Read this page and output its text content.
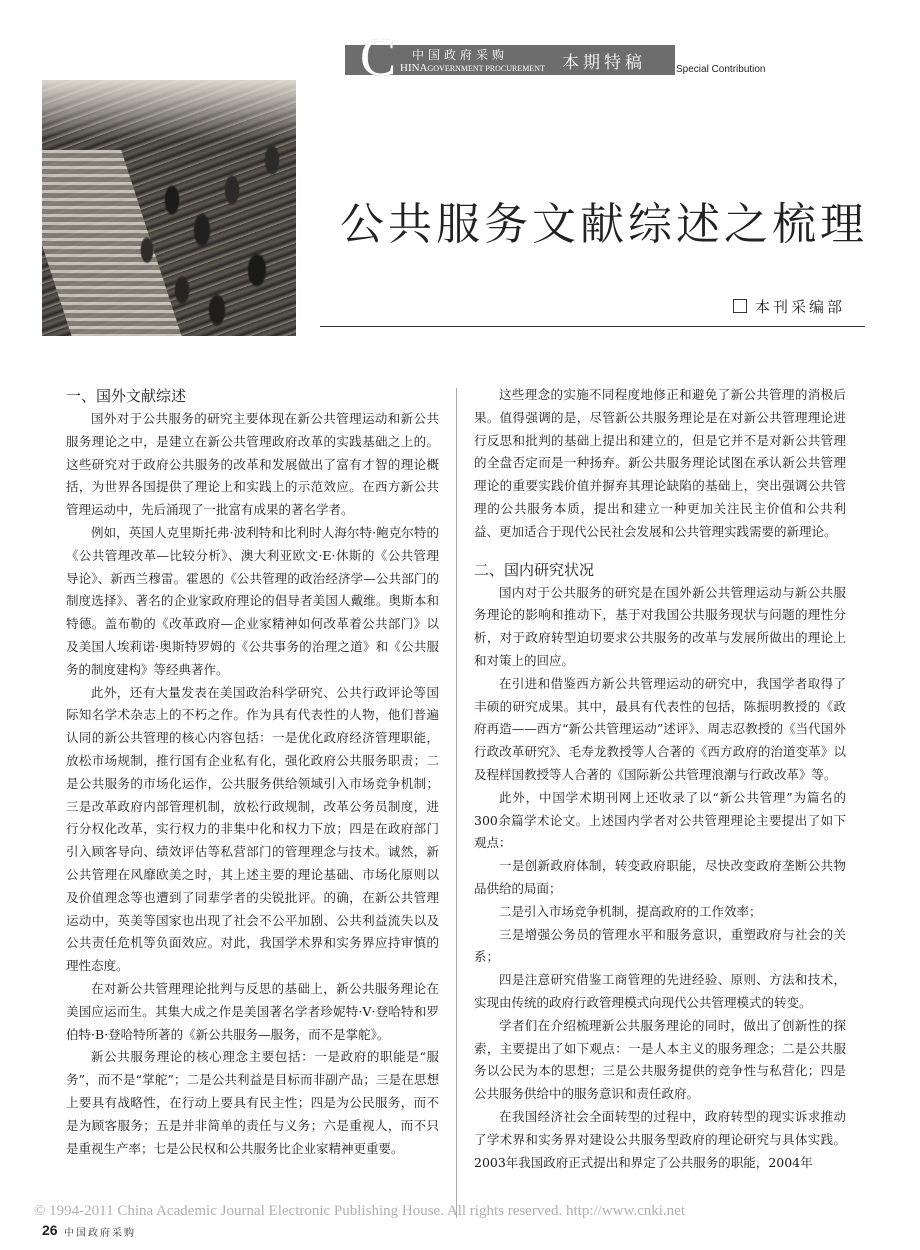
C 中国政府采购
HINAGOVERNMENT PROCUREMENT 本期特稿	Special Contribution
公共服务文献综述之梳理
本刊采编部
一、国外文献综述

国外对于公共服务的研究主要体现在新公共管理运动和新公共服务理论之中，是建立在新公共管理政府改革的实践基础之上的。这些研究对于政府公共服务的改革和发展做出了富有才智的理论概括，为世界各国提供了理论上和实践上的示范效应。在西方新公共管理运动中，先后涌现了一批富有成果的著名学者。

例如，英国人克里斯托弗·波利特和比利时人海尔特·鲍克尔特的《公共管理改革—比较分析》、澳大利亚欧文·E·休斯的《公共管理导论》、新西兰穆雷。霍恩的《公共管理的政治经济学—公共部门的制度选择》、著名的企业家政府理论的倡导者美国人戴维。奥斯本和特德。盖布勒的《改革政府—企业家精神如何改革着公共部门》以及美国人埃莉诺·奥斯特罗姆的《公共事务的治理之道》和《公共服务的制度建构》等经典著作。

此外，还有大量发表在美国政治科学研究、公共行政评论等国际知名学术杂志上的不朽之作。作为具有代表性的人物，他们普遍认同的新公共管理的核心内容包括：一是优化政府经济管理职能，放松市场规制，推行国有企业私有化，强化政府公共服务职责；二是公共服务的市场化运作，公共服务供给领域引入市场竞争机制；三是改革政府内部管理机制，放松行政规制，改革公务员制度，进行分权化改革，实行权力的非集中化和权力下放；四是在政府部门引入顾客导向、绩效评估等私营部门的管理理念与技术。诚然，新公共管理在风靡欧美之时，其上述主要的理论基础、市场化原则以及价值理念等也遭到了同辈学者的尖锐批评。的确，在新公共管理运动中，英美等国家也出现了社会不公平加剧、公共利益流失以及公共责任危机等负面效应。对此，我国学术界和实务界应持审慎的理性态度。

在对新公共管理理论批判与反思的基础上，新公共服务理论在美国应运而生。其集大成之作是美国著名学者珍妮特·V·登哈特和罗伯特·B·登哈特所著的《新公共服务—服务，而不是掌舵》。

新公共服务理论的核心理念主要包括：一是政府的职能是“服务”，而不是“掌舵”；二是公共利益是目标而非副产品；三是在思想上要具有战略性，在行动上要具有民主性；四是为公民服务，而不是为顾客服务；五是并非简单的责任与义务；六是重视人，而不只是重视生产率；七是公民权和公共服务比企业家精神更重要。

这些理念的实施不同程度地修正和避免了新公共管理的消极后果。值得强调的是，尽管新公共服务理论是在对新公共管理理论进行反思和批判的基础上提出和建立的，但是它并不是对新公共管理的全盘否定而是一种扬弃。新公共服务理论试图在承认新公共管理理论的重要实践价值并摒弃其理论缺陷的基础上，突出强调公共管理的公共服务本质，提出和建立一种更加关注民主价值和公共利益、更加适合于现代公民社会发展和公共管理实践需要的新理论。

二、国内研究状况

国内对于公共服务的研究是在国外新公共管理运动与新公共服务理论的影响和推动下，基于对我国公共服务现状与问题的理性分析，对于政府转型迫切要求公共服务的改革与发展所做出的理论上和对策上的回应。

在引进和借鉴西方新公共管理运动的研究中，我国学者取得了丰硕的研究成果。其中，最具有代表性的包括，陈振明教授的《政府再造——西方“新公共管理运动”述评》、周志忍教授的《当代国外行政改革研究》、毛寿龙教授等人合著的《西方政府的治道变革》以及程样国教授等人合著的《国际新公共管理浪潮与行政改革》等。

此外，中国学术期刊网上还收录了以“新公共管理”为篇名的300余篇学术论文。上述国内学者对公共管理理论主要提出了如下观点：

一是创新政府体制，转变政府职能，尽快改变政府垄断公共物品供给的局面；

二是引入市场竞争机制，提高政府的工作效率；

三是增强公务员的管理水平和服务意识，重塑政府与社会的关系；

四是注意研究借鉴工商管理的先进经验、原则、方法和技术，实现由传统的政府行政管理模式向现代公共管理模式的转变。

学者们在介绍梳理新公共服务理论的同时，做出了创新性的探索，主要提出了如下观点：一是人本主义的服务理念；二是公共服务以公民为本的思想；三是公共服务提供的竞争性与私营化；四是公共服务供给中的服务意识和责任政府。

在我国经济社会全面转型的过程中，政府转型的现实诉求推动了学术界和实务界对建设公共服务型政府的理论研究与具体实践。2003年我国政府正式提出和界定了公共服务的职能，2004年

© 1994-2011 China Academic Journal Electronic Publishing House. All rights reserved. http://www.cnki.net
26 中国政府采购
